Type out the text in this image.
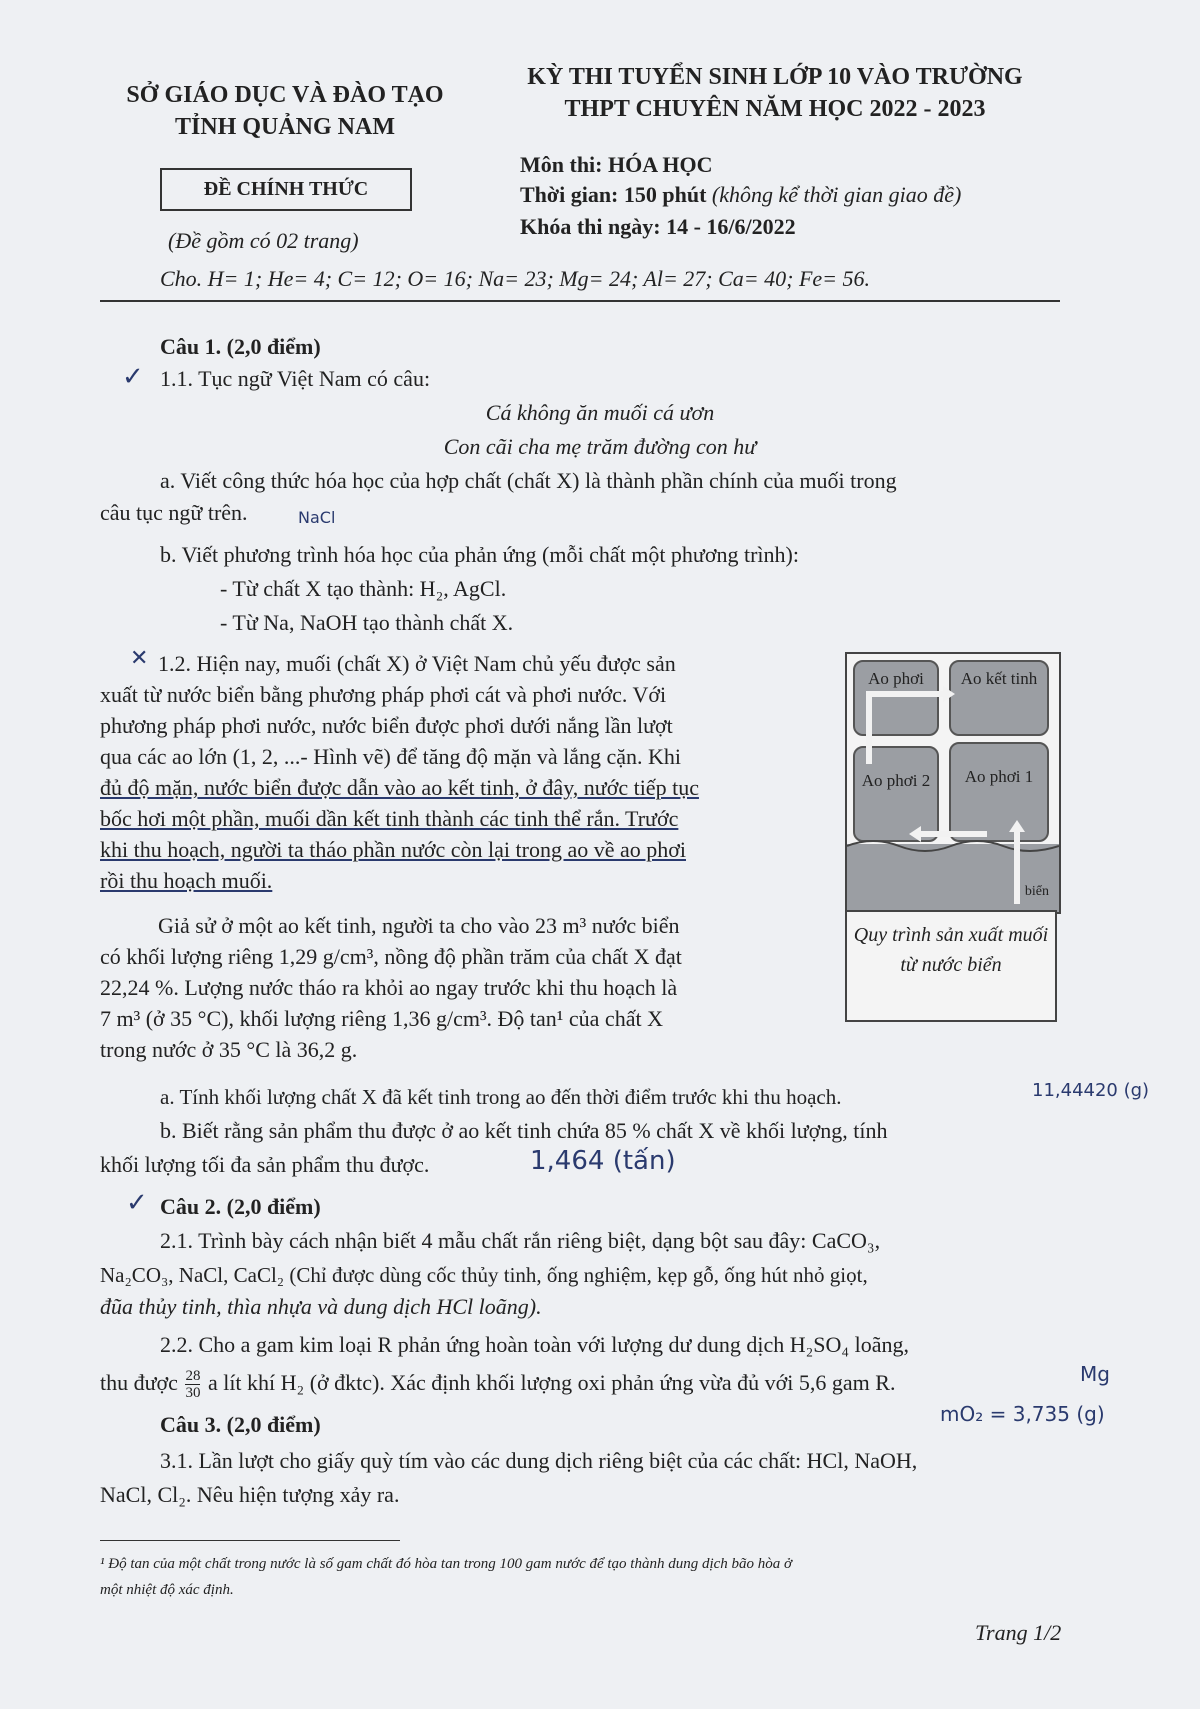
SỞ GIÁO DỤC VÀ ĐÀO TẠO
TỈNH QUẢNG NAM
KỲ THI TUYỂN SINH LỚP 10 VÀO TRƯỜNG
THPT CHUYÊN NĂM HỌC 2022 - 2023
ĐỀ CHÍNH THỨC
(Đề gồm có 02 trang)
Môn thi: HÓA HỌC
Thời gian: 150 phút (không kể thời gian giao đề)
Khóa thi ngày: 14 - 16/6/2022
Cho. H= 1; He= 4; C= 12; O= 16; Na= 23; Mg= 24; Al= 27; Ca= 40; Fe= 56.
Câu 1. (2,0 điểm)
✓ 1.1. Tục ngữ Việt Nam có câu:
Cá không ăn muối cá ươn
Con cãi cha mẹ trăm đường con hư
a. Viết công thức hóa học của hợp chất (chất X) là thành phần chính của muối trong
câu tục ngữ trên.	NaCl
b. Viết phương trình hóa học của phản ứng (mỗi chất một phương trình):
- Từ chất X tạo thành: H₂, AgCl.
- Từ Na, NaOH tạo thành chất X.
✕ 1.2. Hiện nay, muối (chất X) ở Việt Nam chủ yếu được sản
xuất từ nước biển bằng phương pháp phơi cát và phơi nước. Với
phương pháp phơi nước, nước biển được phơi dưới nắng lần lượt
qua các ao lớn (1, 2, ...- Hình vẽ) để tăng độ mặn và lắng cặn. Khi
đủ độ mặn, nước biển được dẫn vào ao kết tinh, ở đây, nước tiếp tục
bốc hơi một phần, muối dần kết tinh thành các tinh thể rắn. Trước
khi thu hoạch, người ta tháo phần nước còn lại trong ao về ao phơi
rồi thu hoạch muối.
Ao phơi	Ao kết tinh
Ao phơi 2	Ao phơi 1
biển
Quy trình sản xuất muối từ nước biển
Giả sử ở một ao kết tinh, người ta cho vào 23 m³ nước biển
có khối lượng riêng 1,29 g/cm³, nồng độ phần trăm của chất X đạt
22,24 %. Lượng nước tháo ra khỏi ao ngay trước khi thu hoạch là
7 m³ (ở 35 °C), khối lượng riêng 1,36 g/cm³. Độ tan¹ của chất X
trong nước ở 35 °C là 36,2 g.
a. Tính khối lượng chất X đã kết tinh trong ao đến thời điểm trước khi thu hoạch.	11,44420 (g)
b. Biết rằng sản phẩm thu được ở ao kết tinh chứa 85 % chất X về khối lượng, tính
khối lượng tối đa sản phẩm thu được.	1,464 (tấn)
✓ Câu 2. (2,0 điểm)
2.1. Trình bày cách nhận biết 4 mẫu chất rắn riêng biệt, dạng bột sau đây: CaCO₃,
Na₂CO₃, NaCl, CaCl₂ (Chỉ được dùng cốc thủy tinh, ống nghiệm, kẹp gỗ, ống hút nhỏ giọt,
đũa thủy tinh, thìa nhựa và dung dịch HCl loãng).
2.2. Cho a gam kim loại R phản ứng hoàn toàn với lượng dư dung dịch H₂SO₄ loãng,
thu được $\frac{28}{30}$ a lít khí H₂ (ở đktc). Xác định khối lượng oxi phản ứng vừa đủ với 5,6 gam R.	Mg
mO₂ = 3,735 (g)
Câu 3. (2,0 điểm)
3.1. Lần lượt cho giấy quỳ tím vào các dung dịch riêng biệt của các chất: HCl, NaOH,
NaCl, Cl₂. Nêu hiện tượng xảy ra.
¹ Độ tan của một chất trong nước là số gam chất đó hòa tan trong 100 gam nước để tạo thành dung dịch bão hòa ở
một nhiệt độ xác định.
Trang 1/2
